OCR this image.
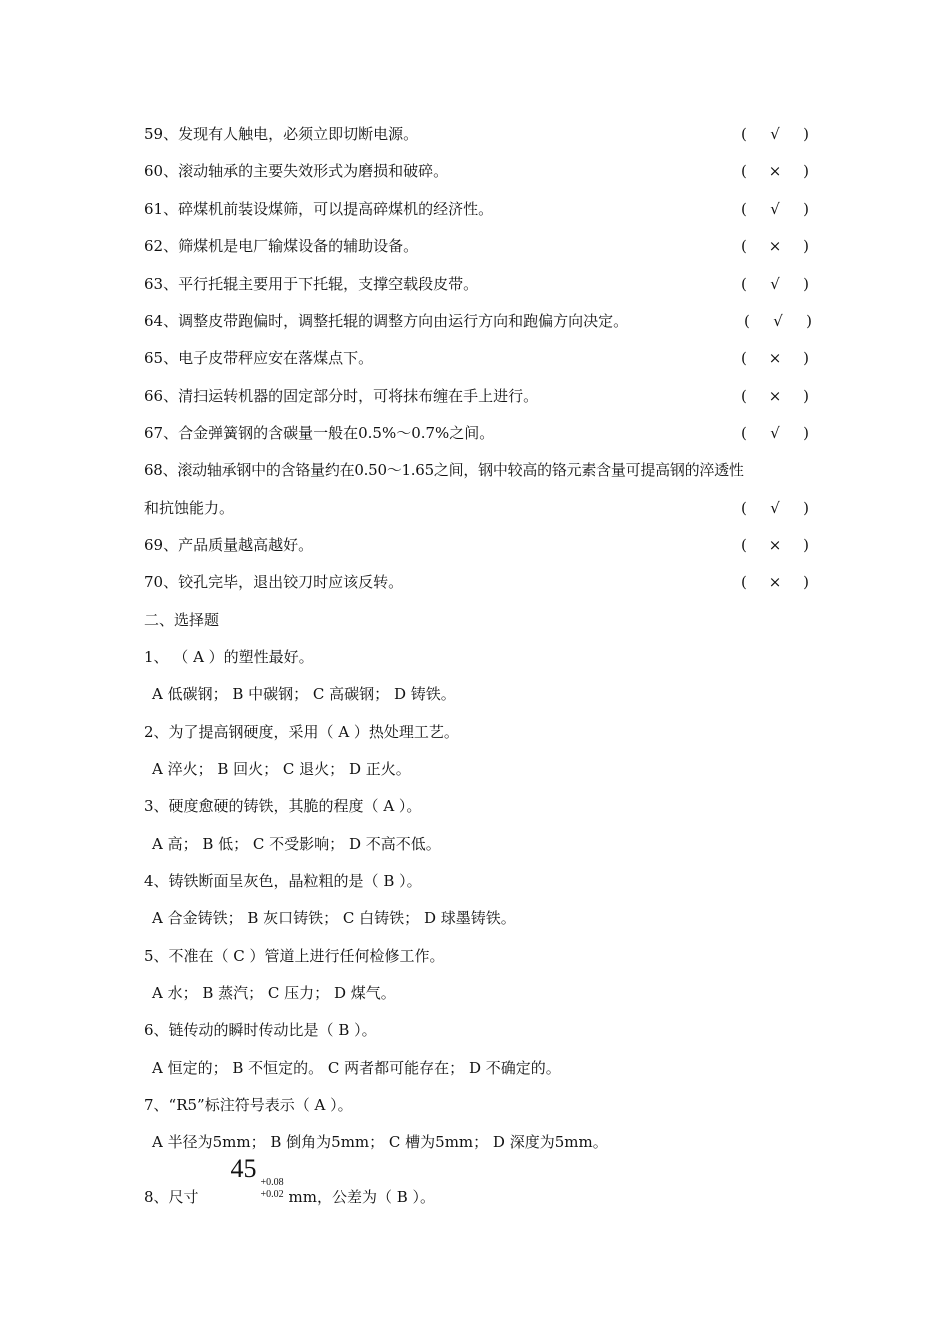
59、发现有人触电，必须立即切断电源。	( √ )
60、滚动轴承的主要失效形式为磨损和破碎。	( × )
61、碎煤机前装设煤筛，可以提高碎煤机的经济性。	( √ )
62、筛煤机是电厂输煤设备的辅助设备。	( × )
63、平行托辊主要用于下托辊，支撑空载段皮带。	( √ )
64、调整皮带跑偏时，调整托辊的调整方向由运行方向和跑偏方向决定。	( √ )
65、电子皮带秤应安在落煤点下。	( × )
66、清扫运转机器的固定部分时，可将抹布缠在手上进行。	( × )
67、合金弹簧钢的含碳量一般在0.5%～0.7%之间。	( √ )
68、滚动轴承钢中的含铬量约在0.50～1.65之间，钢中较高的铬元素含量可提高钢的淬透性
和抗蚀能力。	( √ )
69、产品质量越高越好。	( × )
70、铰孔完毕，退出铰刀时应该反转。	( × )
二、选择题
1、 （ A ）的塑性最好。
A 低碳钢； B 中碳钢； C 高碳钢； D 铸铁。
2、为了提高钢硬度，采用（ A ）热处理工艺。
A 淬火； B 回火； C 退火； D 正火。
3、硬度愈硬的铸铁，其脆的程度（ A ）。
A 高； B 低； C 不受影响； D 不高不低。
4、铸铁断面呈灰色，晶粒粗的是（ B ）。
A 合金铸铁； B 灰口铸铁； C 白铸铁； D 球墨铸铁。
5、不准在（ C ）管道上进行任何检修工作。
A 水； B 蒸汽； C 压力； D 煤气。
6、链传动的瞬时传动比是（ B ）。
A 恒定的； B 不恒定的。 C 两者都可能存在； D 不确定的。
7、“R5”标注符号表示（ A ）。
A 半径为5mm； B 倒角为5mm； C 槽为5mm； D 深度为5mm。
8、尺寸
45 +0.08
+0.02 mm，公差为（ B ）。
